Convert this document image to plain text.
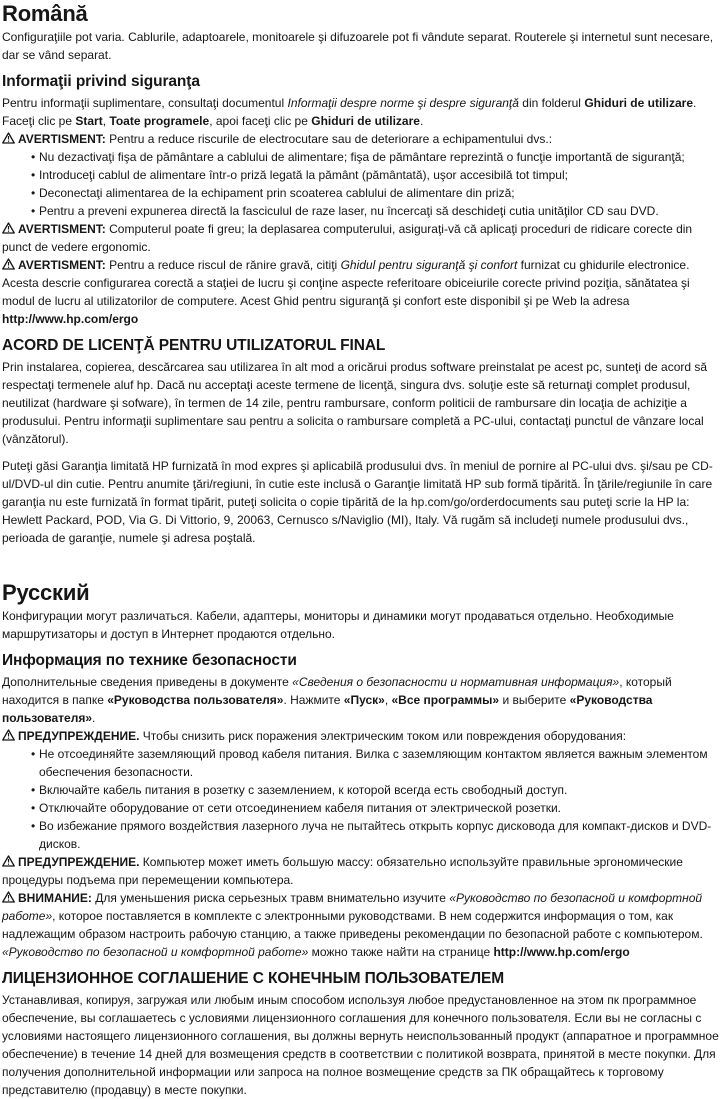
Română

Configuraţiile pot varia. Cablurile, adaptoarele, monitoarele şi difuzoarele pot fi vândute separat. Routerele şi internetul sunt necesare, dar se vând separat.

Informaţii privind siguranţa

Pentru informaţii suplimentare, consultaţi documentul Informaţii despre norme şi despre siguranţă din folderul Ghiduri de utilizare. Faceţi clic pe Start, Toate programele, apoi faceţi clic pe Ghiduri de utilizare.

AVERTISMENT: Pentru a reduce riscurile de electrocutare sau de deteriorare a echipamentului dvs.:

• Nu dezactivaţi fişa de pământare a cablului de alimentare; fişa de pământare reprezintă o funcţie importantă de siguranţă;
• Introduceţi cablul de alimentare într-o priză legată la pământ (pământată), uşor accesibilă tot timpul;
• Deconectaţi alimentarea de la echipament prin scoaterea cablului de alimentare din priză;
• Pentru a preveni expunerea directă la fasciculul de raze laser, nu încercaţi să deschideţi cutia unităţilor CD sau DVD.

AVERTISMENT: Computerul poate fi greu; la deplasarea computerului, asiguraţi-vă că aplicaţi proceduri de ridicare corecte din punct de vedere ergonomic.

AVERTISMENT: Pentru a reduce riscul de rănire gravă, citiţi Ghidul pentru siguranţă şi confort furnizat cu ghidurile electronice. Acesta descrie configurarea corectă a staţiei de lucru şi conţine aspecte referitoare obiceiurile corecte privind poziţia, sănătatea şi modul de lucru al utilizatorilor de computere. Acest Ghid pentru siguranţă şi confort este disponibil şi pe Web la adresa http://www.hp.com/ergo

ACORD DE LICENŢĂ PENTRU UTILIZATORUL FINAL

Prin instalarea, copierea, descărcarea sau utilizarea în alt mod a oricărui produs software preinstalat pe acest pc, sunteţi de acord să respectaţi termenele aluf hp. Dacă nu acceptaţi aceste termene de licenţă, singura dvs. soluţie este să returnaţi complet produsul, neutilizat (hardware şi sofware), în termen de 14 zile, pentru rambursare, conform politicii de rambursare din locaţia de achiziţie a produsului. Pentru informaţii suplimentare sau pentru a solicita o rambursare completă a PC-ului, contactaţi punctul de vânzare local (vânzătorul).

Puteţi găsi Garanţia limitată HP furnizată în mod expres şi aplicabilă produsului dvs. în meniul de pornire al PC-ului dvs. şi/sau pe CD-ul/DVD-ul din cutie. Pentru anumite ţări/regiuni, în cutie este inclusă o Garanţie limitată HP sub formă tipărită. În ţările/regiunile în care garanţia nu este furnizată în format tipărit, puteţi solicita o copie tipărită de la hp.com/go/orderdocuments sau puteţi scrie la HP la: Hewlett Packard, POD, Via G. Di Vittorio, 9, 20063, Cernusco s/Naviglio (MI), Italy. Vă rugăm să includeţi numele produsului dvs., perioada de garanţie, numele şi adresa poştală.

Русский

Конфигурации могут различаться. Кабели, адаптеры, мониторы и динамики могут продаваться отдельно. Необходимые маршрутизаторы и доступ в Интернет продаются отдельно.

Информация по технике безопасности

Дополнительные сведения приведены в документе «Сведения о безопасности и нормативная информация», который находится в папке «Руководства пользователя». Нажмите «Пуск», «Все программы» и выберите «Руководства пользователя».

ПРЕДУПРЕЖДЕНИЕ. Чтобы снизить риск поражения электрическим током или повреждения оборудования:

• Не отсоединяйте заземляющий провод кабеля питания. Вилка с заземляющим контактом является важным элементом обеспечения безопасности.
• Включайте кабель питания в розетку с заземлением, к которой всегда есть свободный доступ.
• Отключайте оборудование от сети отсоединением кабеля питания от электрической розетки.
• Во избежание прямого воздействия лазерного луча не пытайтесь открыть корпус дисковода для компакт-дисков и DVD-дисков.

ПРЕДУПРЕЖДЕНИЕ. Компьютер может иметь большую массу: обязательно используйте правильные эргономические процедуры подъема при перемещении компьютера.

ВНИМАНИЕ: Для уменьшения риска серьезных травм внимательно изучите «Руководство по безопасной и комфортной работе», которое поставляется в комплекте с электронными руководствами. В нем содержится информация о том, как надлежащим образом настроить рабочую станцию, а также приведены рекомендации по безопасной работе с компьютером. «Руководство по безопасной и комфортной работе» можно также найти на странице http://www.hp.com/ergo

ЛИЦЕНЗИОННОЕ СОГЛАШЕНИЕ С КОНЕЧНЫМ ПОЛЬЗОВАТЕЛЕМ

Устанавливая, копируя, загружая или любым иным способом используя любое предустановленное на этом пк программное обеспечение, вы соглашаетесь с условиями лицензионного соглашения для конечного пользователя. Если вы не согласны с условиями настоящего лицензионного соглашения, вы должны вернуть неиспользованный продукт (аппаратное и программное обеспечение) в течение 14 дней для возмещения средств в соответствии с политикой возврата, принятой в месте покупки. Для получения дополнительной информации или запроса на полное возмещение средств за ПК обращайтесь к торговому представителю (продавцу) в месте покупки.
